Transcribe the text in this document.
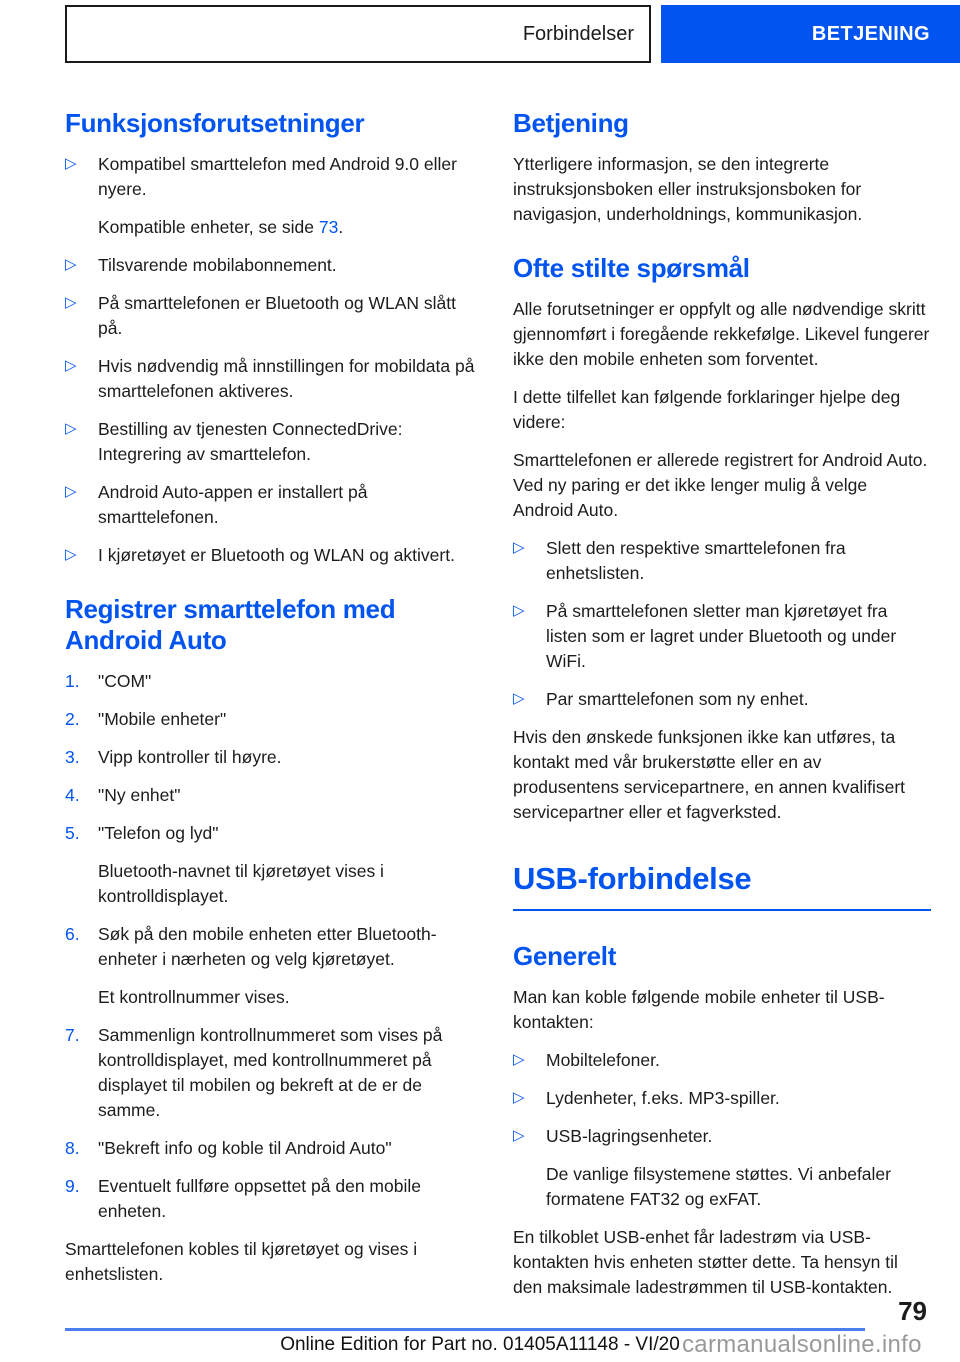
Forbindelser	BETJENING
Funksjonsforutsetninger
▷	Kompatibel smarttelefon med Android 9.0 eller nyere.

Kompatible enheter, se side 73.

▷	Tilsvarende mobilabonnement.
▷	På smarttelefonen er Bluetooth og WLAN slått på.
▷	Hvis nødvendig må innstillingen for mobildata på smarttelefonen aktiveres.
▷	Bestilling av tjenesten ConnectedDrive: Integrering av smarttelefon.
▷	Android Auto-appen er installert på smarttelefonen.
▷	I kjøretøyet er Bluetooth og WLAN og aktivert.
Registrer smarttelefon med Android Auto
1.	"COM"
2.	"Mobile enheter"
3.	Vipp kontroller til høyre.
4.	"Ny enhet"
5.	"Telefon og lyd"

Bluetooth-navnet til kjøretøyet vises i kontrolldisplayet.

6.	Søk på den mobile enheten etter Bluetooth-enheter i nærheten og velg kjøretøyet.

Et kontrollnummer vises.

7.	Sammenlign kontrollnummeret som vises på kontrolldisplayet, med kontrollnummeret på displayet til mobilen og bekreft at de er de samme.
8.	"Bekreft info og koble til Android Auto"
9.	Eventuelt fullføre oppsettet på den mobile enheten.

Smarttelefonen kobles til kjøretøyet og vises i enhetslisten.

Betjening

Ytterligere informasjon, se den integrerte instruksjonsboken eller instruksjonsboken for navigasjon, underholdnings, kommunikasjon.

Ofte stilte spørsmål

Alle forutsetninger er oppfylt og alle nødvendige skritt gjennomført i foregående rekkefølge. Likevel fungerer ikke den mobile enheten som forventet.

I dette tilfellet kan følgende forklaringer hjelpe deg videre:

Smarttelefonen er allerede registrert for Android Auto. Ved ny paring er det ikke lenger mulig å velge Android Auto.

▷	Slett den respektive smarttelefonen fra enhetslisten.
▷	På smarttelefonen sletter man kjøretøyet fra listen som er lagret under Bluetooth og under WiFi.
▷	Par smarttelefonen som ny enhet.

Hvis den ønskede funksjonen ikke kan utføres, ta kontakt med vår brukerstøtte eller en av produsentens servicepartnere, en annen kvalifisert servicepartner eller et fagverksted.

USB-forbindelse
Generelt

Man kan koble følgende mobile enheter til USB-kontakten:

▷	Mobiltelefoner.
▷	Lydenheter, f.eks. MP3-spiller.
▷	USB-lagringsenheter.

De vanlige filsystemene støttes. Vi anbefaler formatene FAT32 og exFAT.

En tilkoblet USB-enhet får ladestrøm via USB-kontakten hvis enheten støtter dette. Ta hensyn til den maksimale ladestrømmen til USB-kontakten.

79
Online Edition for Part no. 01405A11148 - VI/20 carmanualsonline.info
